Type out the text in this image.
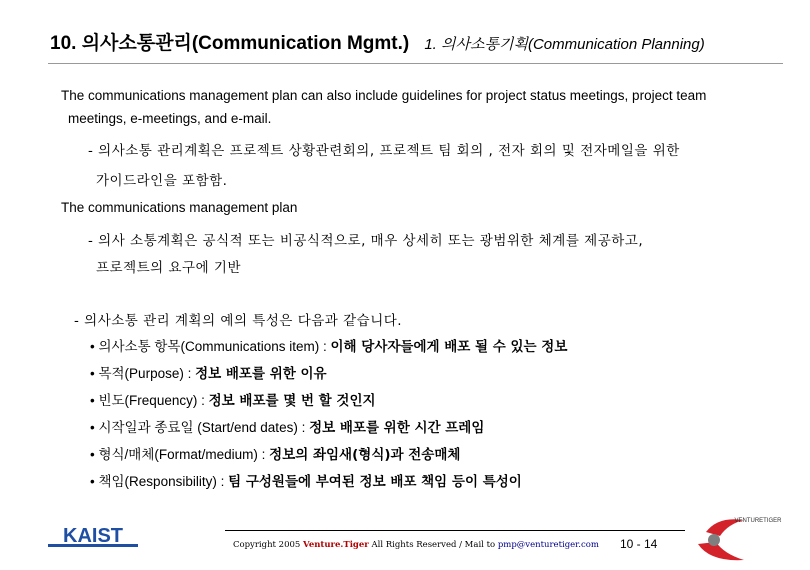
10. 의사소통관리(Communication Mgmt.) 1. 의사소통기획(Communication Planning)
The communications management plan can also include guidelines for project status meetings, project team
meetings, e-meetings, and e-mail.
- 의사소통 관리계획은 프로젝트 상황관련회의, 프로젝트 팀 회의 , 전자 회의 및 전자메일을 위한
가이드라인을 포함함.
The communications management plan
- 의사 소통계획은 공식적 또는 비공식적으로, 매우 상세히 또는 광범위한 체계를 제공하고,
프로젝트의 요구에 기반
- 의사소통 관리 계획의 예의 특성은 다음과 같습니다.
• 의사소통 항목(Communications item) : 이해 당사자들에게 배포 될 수 있는 정보
• 목적(Purpose) : 정보 배포를 위한 이유
• 빈도(Frequency) : 정보 배포를 몇 번 할 것인지
• 시작일과 종료일 (Start/end dates) : 정보 배포를 위한 시간 프레임
• 형식/매체(Format/medium) : 정보의 좌임새(형식)과 전송매체
• 책임(Responsibility) : 팀 구성원들에 부여된 정보 배포 책임 등이 특성이
KAIST	Copyright 2005 Venture.Tiger All Rights Reserved / Mail to pmp@venturetiger.com 10 - 14
VENTURETIGER
